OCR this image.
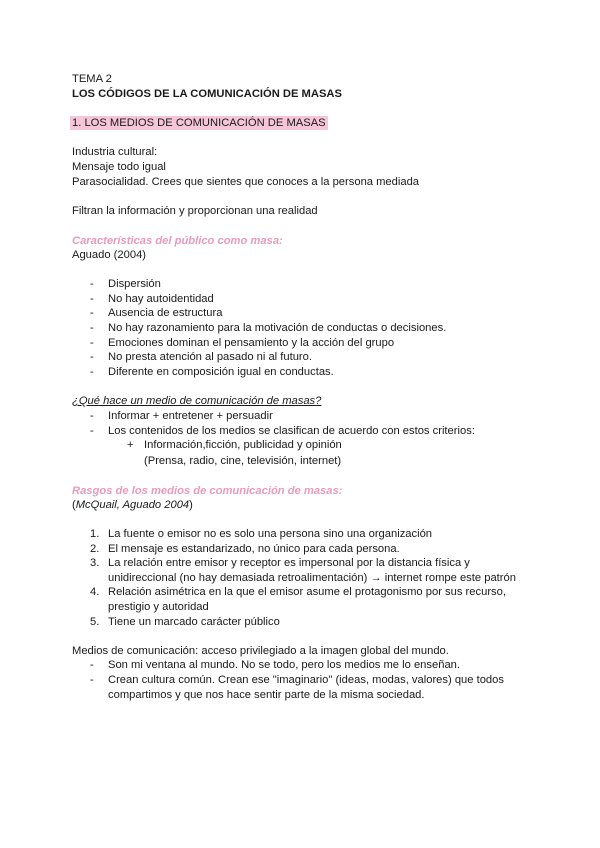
TEMA 2
LOS CÓDIGOS DE LA COMUNICACIÓN DE MASAS
1. LOS MEDIOS DE COMUNICACIÓN DE MASAS
Industria cultural:
Mensaje todo igual
Parasocialidad. Crees que sientes que conoces a la persona mediada
Filtran la información y proporcionan una realidad
Características del público como masa:
Aguado (2004)
- Dispersión
- No hay autoidentidad
- Ausencia de estructura
- No hay razonamiento para la motivación de conductas o decisiones.
- Emociones dominan el pensamiento y la acción del grupo
- No presta atención al pasado ni al futuro.
- Diferente en composición igual en conductas.
¿Qué hace un medio de comunicación de masas?
- Informar + entretener + persuadir
- Los contenidos de los medios se clasifican de acuerdo con estos criterios:
+ Información,ficción, publicidad y opinión
(Prensa, radio, cine, televisión, internet)
Rasgos de los medios de comunicación de masas:
(McQuail, Aguado 2004)
1. La fuente o emisor no es solo una persona sino una organización
2. El mensaje es estandarizado, no único para cada persona.
3. La relación entre emisor y receptor es impersonal por la distancia física y
unidireccional (no hay demasiada retroalimentación) → internet rompe este patrón
4. Relación asimétrica en la que el emisor asume el protagonismo por sus recurso,
prestigio y autoridad
5. Tiene un marcado carácter público
Medios de comunicación: acceso privilegiado a la imagen global del mundo.
- Son mi ventana al mundo. No se todo, pero los medios me lo enseñan.
- Crean cultura común. Crean ese "imaginario" (ideas, modas, valores) que todos
compartimos y que nos hace sentir parte de la misma sociedad.
